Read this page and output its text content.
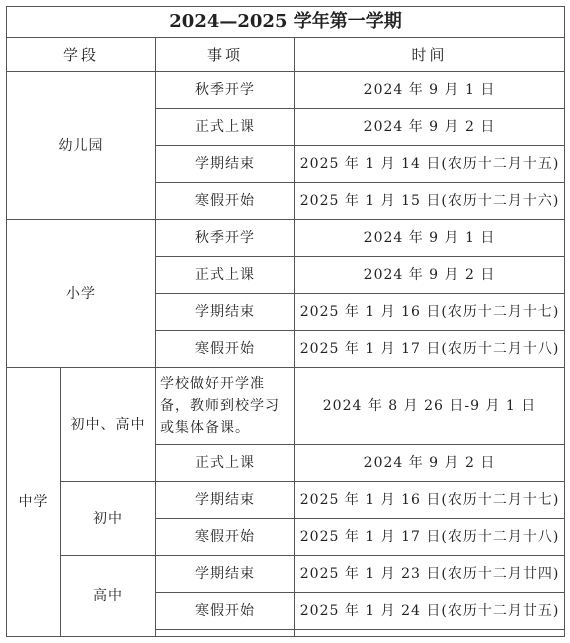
2024—2025 学年第一学期			
学段		事项	时间
幼儿园		秋季开学	2024 年 9 月 1 日
		正式上课	2024 年 9 月 2 日
		学期结束	2025 年 1 月 14 日(农历十二月十五)
		寒假开始	2025 年 1 月 15 日(农历十二月十六)
小学		秋季开学	2024 年 9 月 1 日
		正式上课	2024 年 9 月 2 日
		学期结束	2025 年 1 月 16 日(农历十二月十七)
		寒假开始	2025 年 1 月 17 日(农历十二月十八)
中学	初中、高中	学校做好开学准备，教师到校学习或集体备课。	2024 年 8 月 26 日-9 月 1 日
		正式上课	2024 年 9 月 2 日
	初中	学期结束	2025 年 1 月 16 日(农历十二月十七)
		寒假开始	2025 年 1 月 17 日(农历十二月十八)
	高中	学期结束	2025 年 1 月 23 日(农历十二月廿四)
		寒假开始	2025 年 1 月 24 日(农历十二月廿五)
